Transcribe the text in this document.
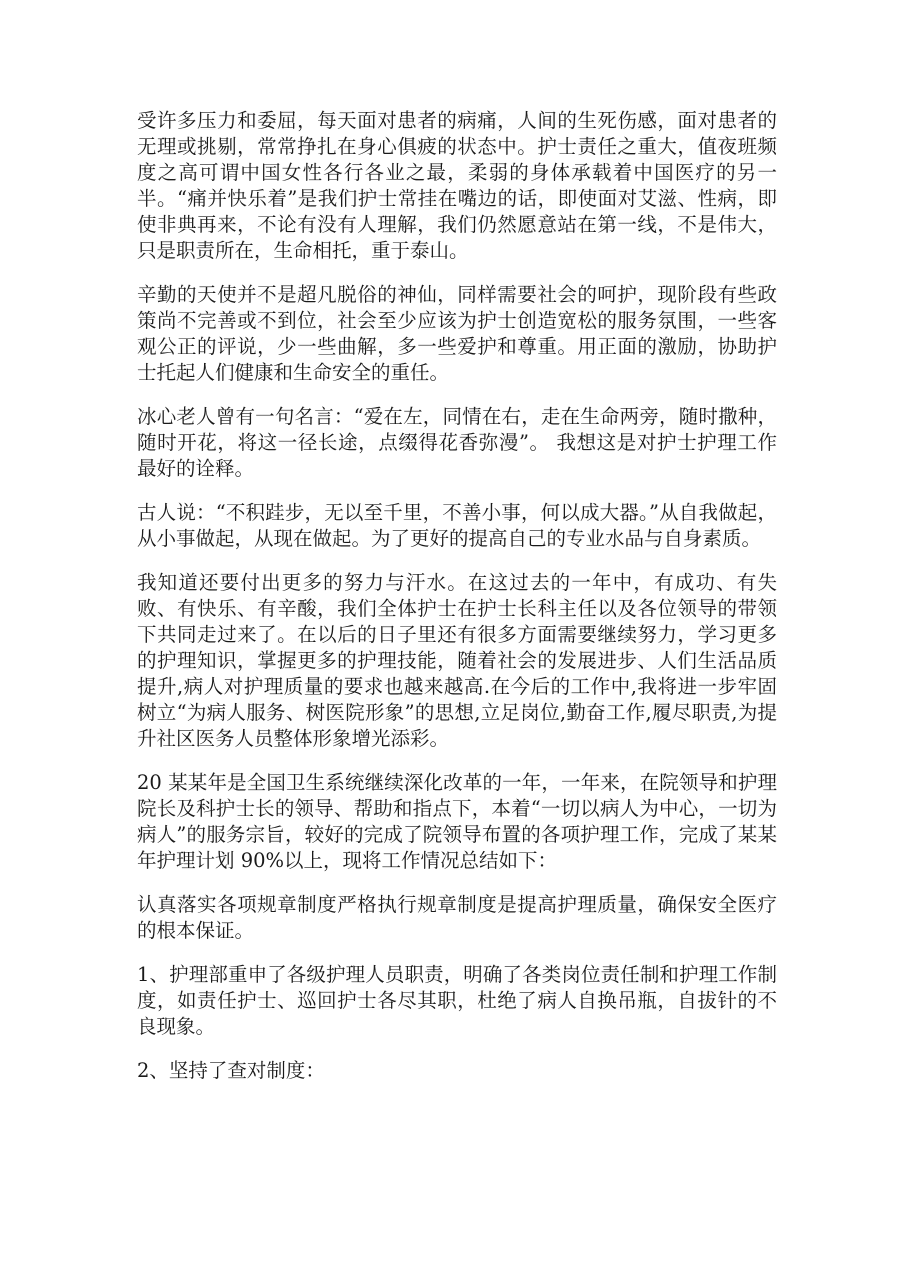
受许多压力和委屈，每天面对患者的病痛，人间的生死伤感，面对患者的无理或挑剔，常常挣扎在身心俱疲的状态中。护士责任之重大，值夜班频度之高可谓中国女性各行各业之最，柔弱的身体承载着中国医疗的另一半。“痛并快乐着”是我们护士常挂在嘴边的话，即使面对艾滋、性病，即使非典再来，不论有没有人理解，我们仍然愿意站在第一线，不是伟大，只是职责所在，生命相托，重于泰山。

辛勤的天使并不是超凡脱俗的神仙，同样需要社会的呵护，现阶段有些政策尚不完善或不到位，社会至少应该为护士创造宽松的服务氛围，一些客观公正的评说，少一些曲解，多一些爱护和尊重。用正面的激励，协助护士托起人们健康和生命安全的重任。

冰心老人曾有一句名言：“爱在左，同情在右，走在生命两旁，随时撒种，随时开花，将这一径长途，点缀得花香弥漫”。 我想这是对护士护理工作最好的诠释。

古人说：“不积跬步，无以至千里，不善小事，何以成大器。”从自我做起，从小事做起，从现在做起。为了更好的提高自己的专业水品与自身素质。

我知道还要付出更多的努力与汗水。在这过去的一年中，有成功、有失败、有快乐、有辛酸，我们全体护士在护士长科主任以及各位领导的带领下共同走过来了。在以后的日子里还有很多方面需要继续努力，学习更多的护理知识，掌握更多的护理技能，随着社会的发展进步、人们生活品质提升,病人对护理质量的要求也越来越高.在今后的工作中,我将进一步牢固树立“为病人服务、树医院形象”的思想,立足岗位,勤奋工作,履尽职责,为提升社区医务人员整体形象增光添彩。

20 某某年是全国卫生系统继续深化改革的一年，一年来，在院领导和护理院长及科护士长的领导、帮助和指点下，本着“一切以病人为中心，一切为病人”的服务宗旨，较好的完成了院领导布置的各项护理工作，完成了某某年护理计划 90%以上，现将工作情况总结如下：

认真落实各项规章制度严格执行规章制度是提高护理质量，确保安全医疗的根本保证。

1、护理部重申了各级护理人员职责，明确了各类岗位责任制和护理工作制度，如责任护士、巡回护士各尽其职，杜绝了病人自换吊瓶，自拔针的不良现象。

2、坚持了查对制度：
